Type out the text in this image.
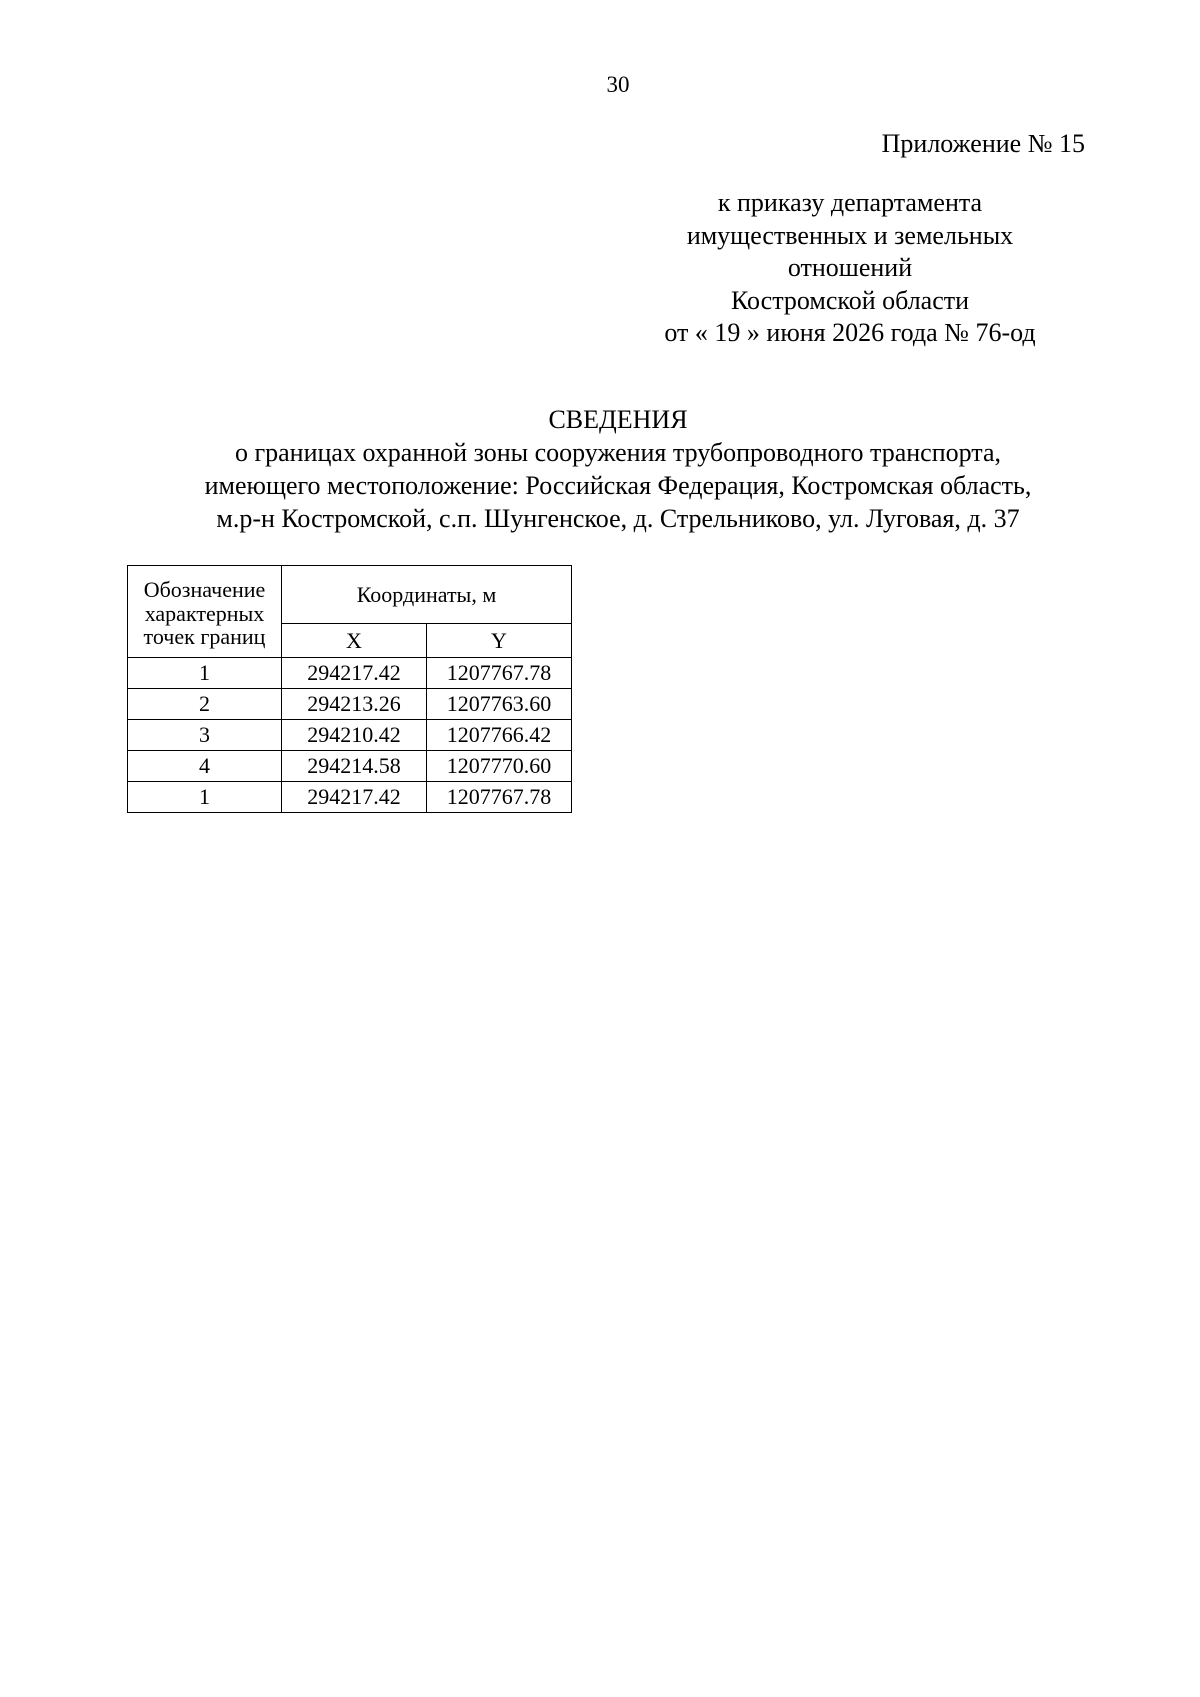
30
Приложение № 15
к приказу департамента
имущественных и земельных
отношений
Костромской области
от « 19 » июня 2026 года № 76-од
СВЕДЕНИЯ
о границах охранной зоны сооружения трубопроводного транспорта,
имеющего местоположение: Российская Федерация, Костромская область,
м.р-н Костромской, с.п. Шунгенское, д. Стрельниково, ул. Луговая, д. 37
Обозначение
характерных
точек границ	Координаты, м	
	X	Y
1	294217.42	1207767.78
2	294213.26	1207763.60
3	294210.42	1207766.42
4	294214.58	1207770.60
1	294217.42	1207767.78
